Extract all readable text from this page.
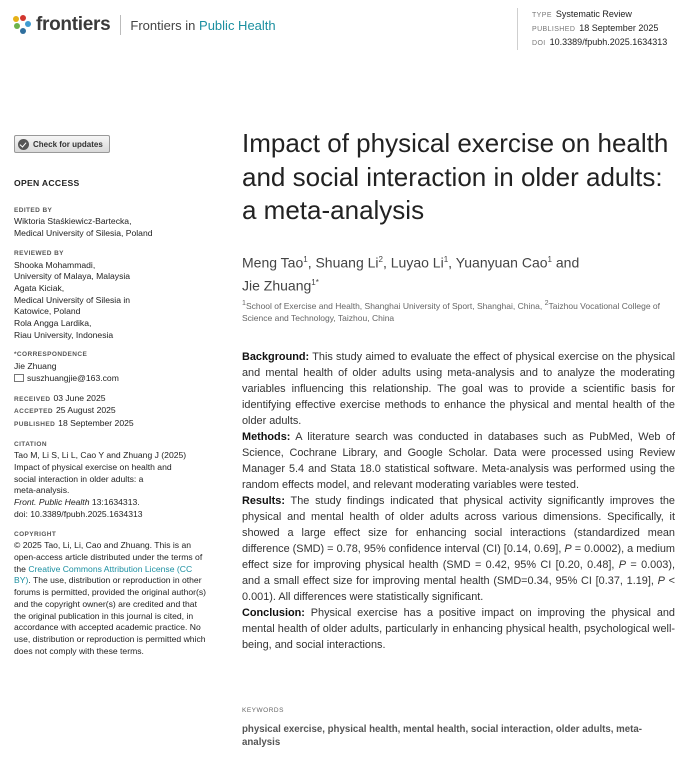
frontiers Frontiers in Public Health
TYPE Systematic Review
PUBLISHED 18 September 2025
DOI 10.3389/fpubh.2025.1634313
Check for updates
OPEN ACCESS
EDITED BY
Wiktoria Staśkiewicz-Bartecka,
Medical University of Silesia, Poland
REVIEWED BY
Shooka Mohammadi,
University of Malaya, Malaysia
Agata Kiciak,
Medical University of Silesia in
Katowice, Poland
Rola Angga Lardika,
Riau University, Indonesia
*CORRESPONDENCE
Jie Zhuang
suszhuangjie@163.com
RECEIVED 03 June 2025
ACCEPTED 25 August 2025
PUBLISHED 18 September 2025
CITATION
Tao M, Li S, Li L, Cao Y and Zhuang J (2025)
Impact of physical exercise on health and
social interaction in older adults: a
meta-analysis.
Front. Public Health 13:1634313.
doi: 10.3389/fpubh.2025.1634313
COPYRIGHT
© 2025 Tao, Li, Li, Cao and Zhuang. This is an open-access article distributed under the terms of the Creative Commons Attribution License (CC BY). The use, distribution or reproduction in other forums is permitted, provided the original author(s) and the copyright owner(s) are credited and that the original publication in this journal is cited, in accordance with accepted academic practice. No use, distribution or reproduction is permitted which does not comply with these terms.
Impact of physical exercise on health and social interaction in older adults: a meta-analysis
Meng Tao$^1$, Shuang Li$^2$, Luyao Li$^1$, Yuanyuan Cao$^1$ and
Jie Zhuang$^{1*}$
$^1$School of Exercise and Health, Shanghai University of Sport, Shanghai, China, $^2$Taizhou Vocational College of Science and Technology, Taizhou, China

Background: This study aimed to evaluate the effect of physical exercise on the physical and mental health of older adults using meta-analysis and to analyze the moderating variables influencing this relationship. The goal was to provide a scientific basis for identifying effective exercise methods to enhance the physical and mental health of the older adults.

Methods: A literature search was conducted in databases such as PubMed, Web of Science, Cochrane Library, and Google Scholar. Data were processed using Review Manager 5.4 and Stata 18.0 statistical software. Meta-analysis was performed using the random effects model, and relevant moderating variables were tested.

Results: The study findings indicated that physical activity significantly improves the physical and mental health of older adults across various dimensions. Specifically, it showed a large effect size for enhancing social interactions (standardized mean difference (SMD) = 0.78, 95% confidence interval (CI) [0.14, 0.69], P = 0.0002), a medium effect size for improving physical health (SMD = 0.42, 95% CI [0.20, 0.48], P = 0.003), and a small effect size for improving mental health (SMD=0.34, 95% CI [0.37, 1.19], P < 0.001). All differences were statistically significant.

Conclusion: Physical exercise has a positive impact on improving the physical and mental health of older adults, particularly in enhancing physical health, psychological well-being, and social interactions.

KEYWORDS
physical exercise, physical health, mental health, social interaction, older adults, meta-analysis
